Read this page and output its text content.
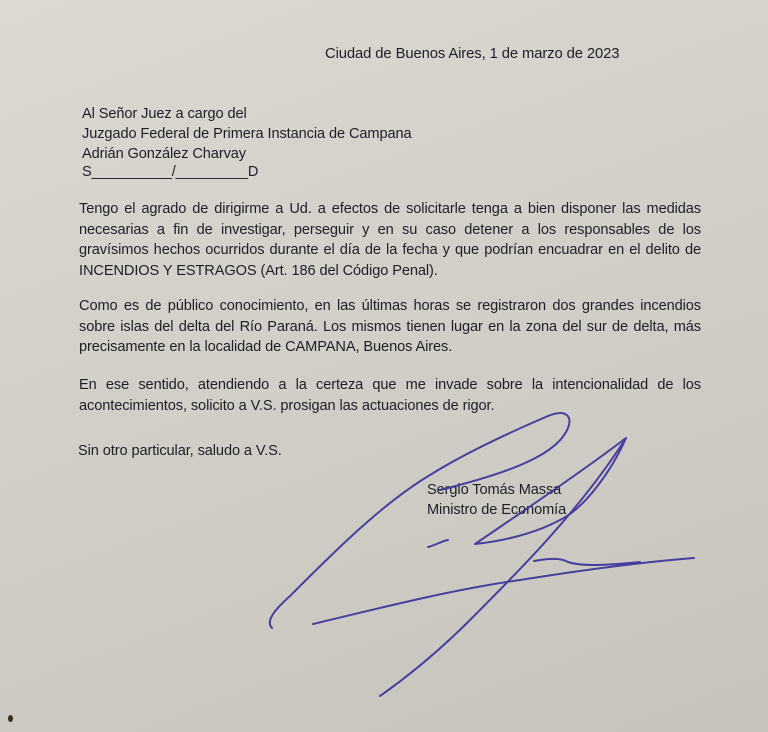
Ciudad de Buenos Aires, 1 de marzo de 2023
Al Señor Juez a cargo del
Juzgado Federal de Primera Instancia de Campana
Adrián González Charvay
S__________/_________D
Tengo el agrado de dirigirme a Ud. a efectos de solicitarle tenga a bien disponer las medidas necesarias a fin de investigar, perseguir y en su caso detener a los responsables de los gravísimos hechos ocurridos durante el día de la fecha y que podrían encuadrar en el delito de INCENDIOS Y ESTRAGOS (Art. 186 del Código Penal).
Como es de público conocimiento, en las últimas horas se registraron dos grandes incendios sobre islas del delta del Río Paraná. Los mismos tienen lugar en la zona del sur de delta, más precisamente en la localidad de CAMPANA, Buenos Aires.
En ese sentido, atendiendo a la certeza que me invade sobre la intencionalidad de los acontecimientos, solicito a V.S. prosigan las actuaciones de rigor.
Sin otro particular, saludo a V.S.
Sergio Tomás Massa
Ministro de Economía
